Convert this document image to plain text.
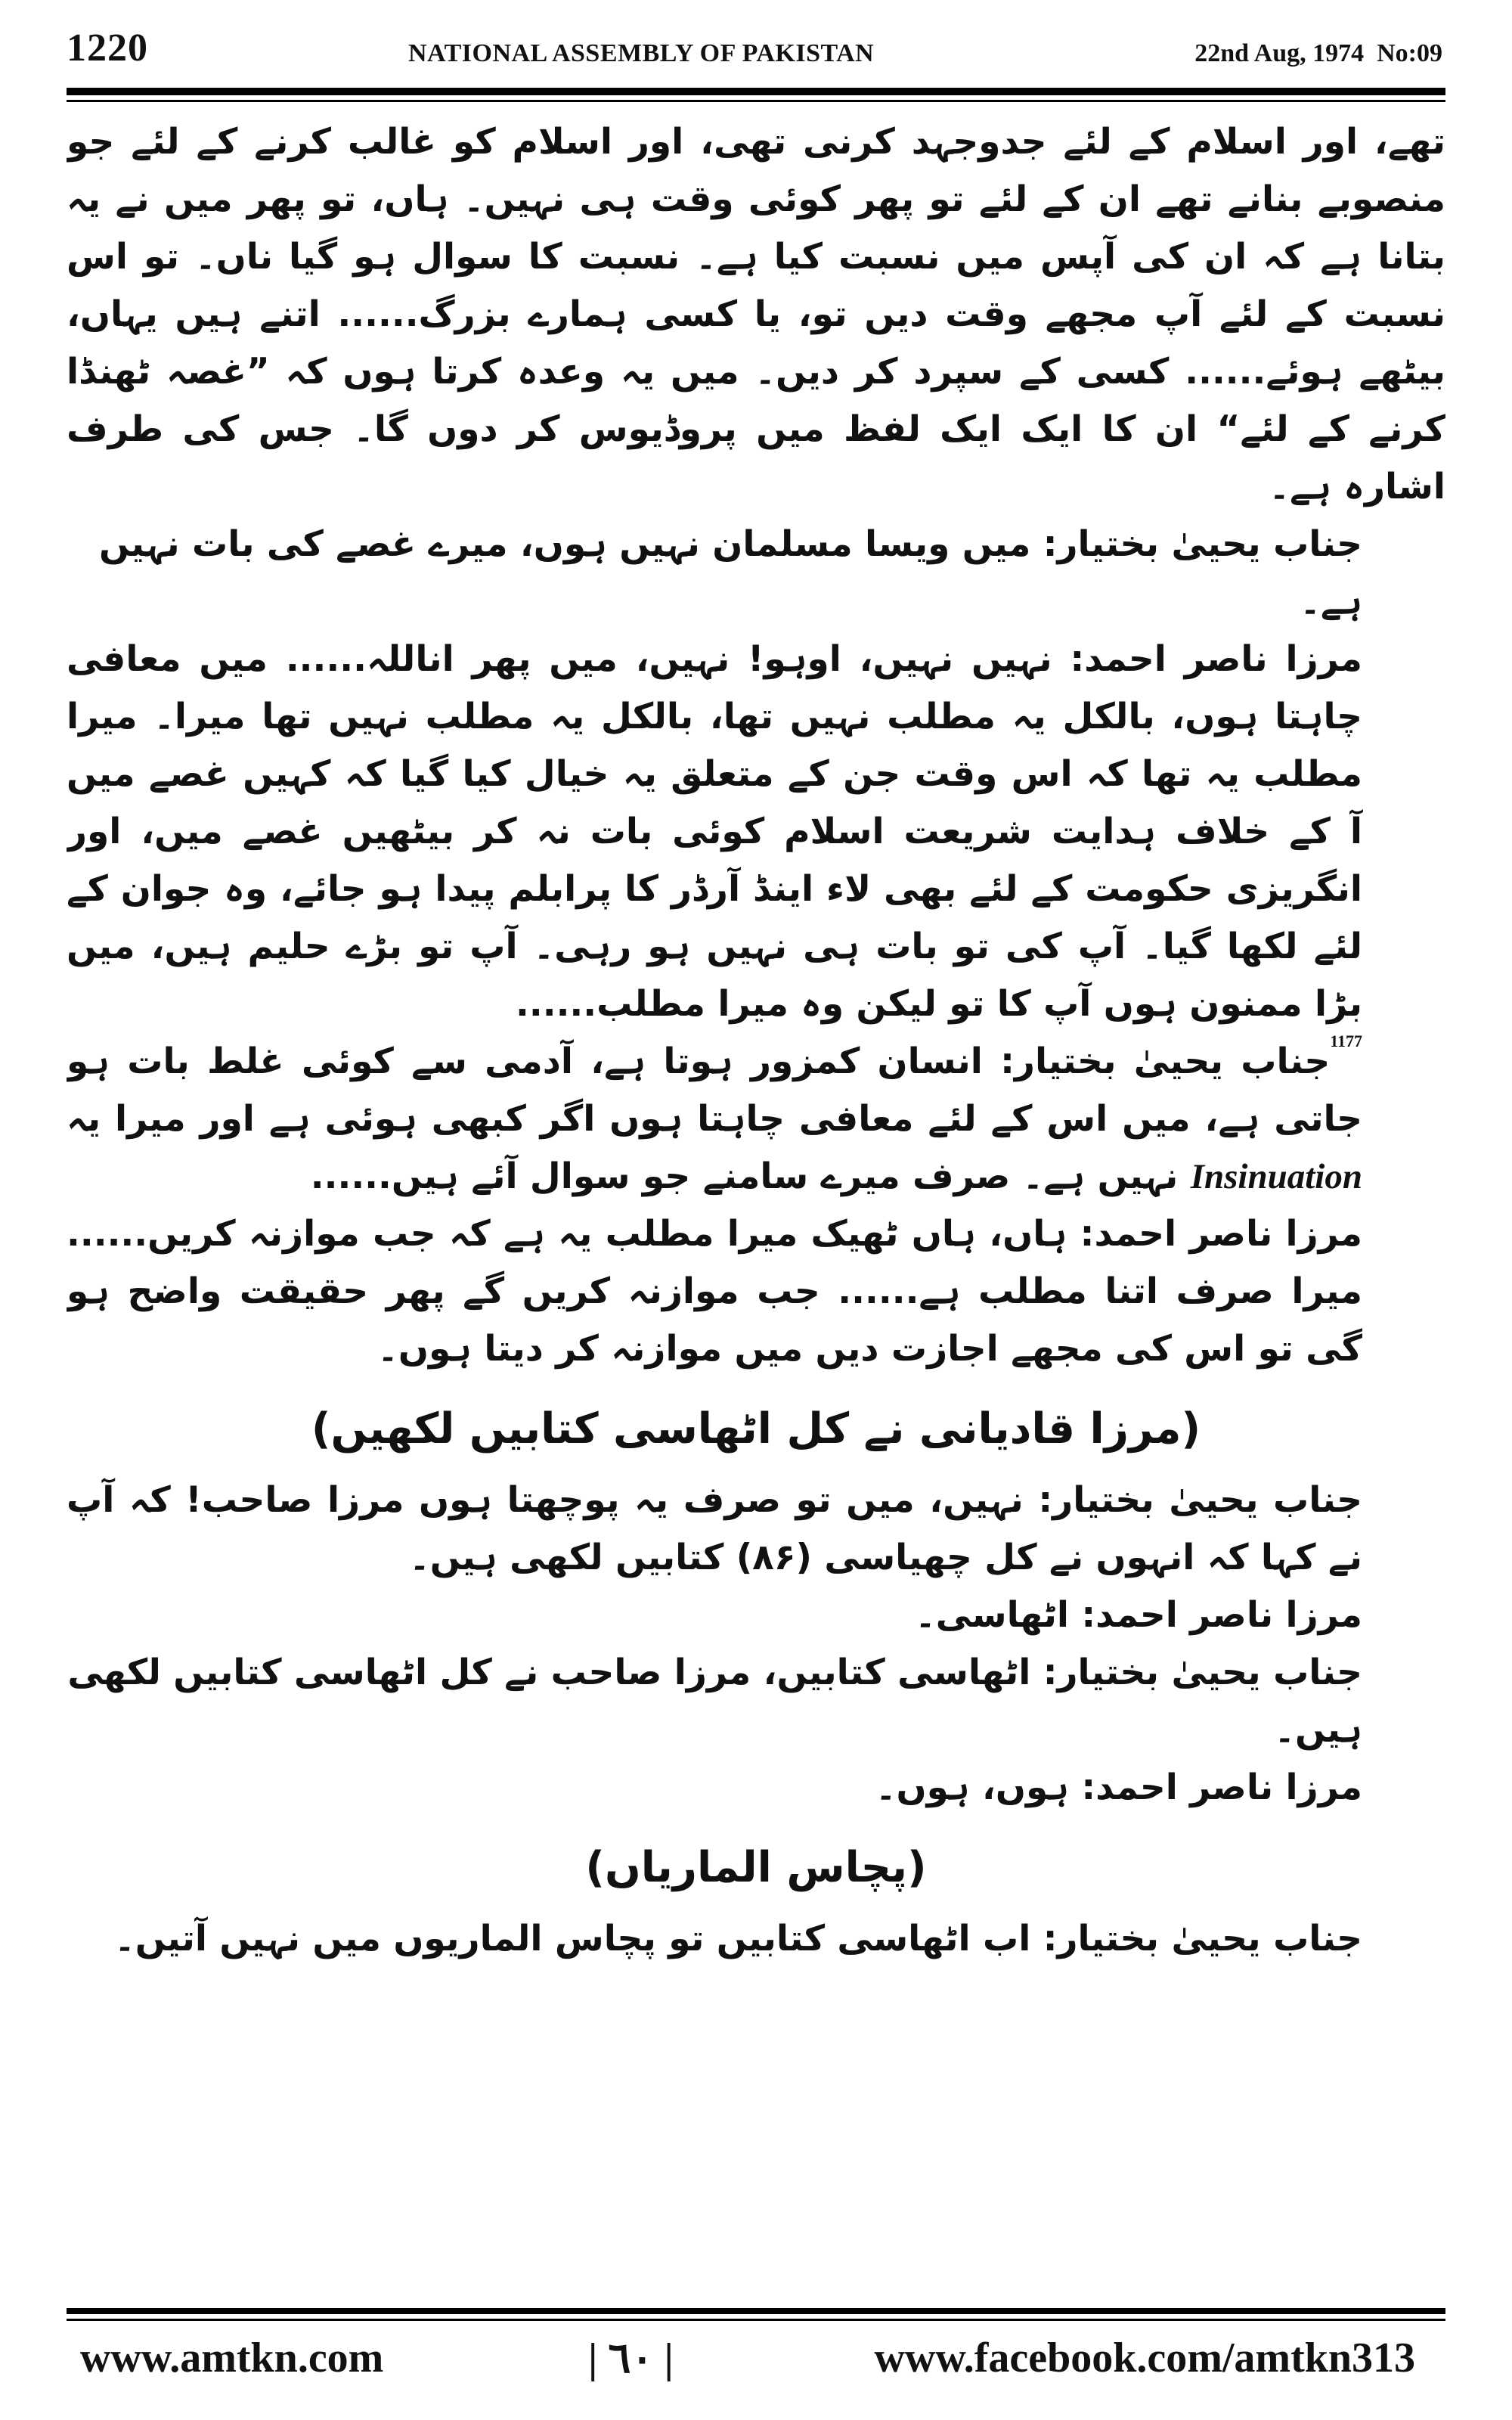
1220	NATIONAL ASSEMBLY OF PAKISTAN	22nd Aug, 1974  No:09

تھے، اور اسلام کے لئے جدوجہد کرنی تھی، اور اسلام کو غالب کرنے کے لئے جو منصوبے بنانے تھے ان کے لئے تو پھر کوئی وقت ہی نہیں۔ ہاں، تو پھر میں نے یہ بتانا ہے کہ ان کی آپس میں نسبت کیا ہے۔ نسبت کا سوال ہو گیا ناں۔ تو اس نسبت کے لئے آپ مجھے وقت دیں تو، یا کسی ہمارے بزرگ...... اتنے ہیں یہاں، بیٹھے ہوئے...... کسی کے سپرد کر دیں۔ میں یہ وعدہ کرتا ہوں کہ ”غصہ ٹھنڈا کرنے کے لئے“ ان کا ایک ایک لفظ میں پروڈیوس کر دوں گا۔ جس کی طرف اشارہ ہے۔

جناب یحییٰ بختیار: میں ویسا مسلمان نہیں ہوں، میرے غصے کی بات نہیں ہے۔

مرزا ناصر احمد: نہیں نہیں، اوہو! نہیں، میں پھر اناللہ...... میں معافی چاہتا ہوں، بالکل یہ مطلب نہیں تھا، بالکل یہ مطلب نہیں تھا میرا۔ میرا مطلب یہ تھا کہ اس وقت جن کے متعلق یہ خیال کیا گیا کہ کہیں غصے میں آ کے خلاف ہدایت شریعت اسلام کوئی بات نہ کر بیٹھیں غصے میں، اور انگریزی حکومت کے لئے بھی لاء اینڈ آرڈر کا پرابلم پیدا ہو جائے، وہ جوان کے لئے لکھا گیا۔ آپ کی تو بات ہی نہیں ہو رہی۔ آپ تو بڑے حلیم ہیں، میں بڑا ممنون ہوں آپ کا تو لیکن وہ میرا مطلب......

$^{1177}$جناب یحییٰ بختیار: انسان کمزور ہوتا ہے، آدمی سے کوئی غلط بات ہو جاتی ہے، میں اس کے لئے معافی چاہتا ہوں اگر کبھی ہوئی ہے اور میرا یہ Insinuation نہیں ہے۔ صرف میرے سامنے جو سوال آئے ہیں......

مرزا ناصر احمد: ہاں، ہاں ٹھیک میرا مطلب یہ ہے کہ جب موازنہ کریں...... میرا صرف اتنا مطلب ہے...... جب موازنہ کریں گے پھر حقیقت واضح ہو گی تو اس کی مجھے اجازت دیں میں موازنہ کر دیتا ہوں۔

(مرزا قادیانی نے کل اٹھاسی کتابیں لکھیں)

جناب یحییٰ بختیار: نہیں، میں تو صرف یہ پوچھتا ہوں مرزا صاحب! کہ آپ نے کہا کہ انہوں نے کل چھیاسی (۸۶) کتابیں لکھی ہیں۔

مرزا ناصر احمد: اٹھاسی۔

جناب یحییٰ بختیار: اٹھاسی کتابیں، مرزا صاحب نے کل اٹھاسی کتابیں لکھی ہیں۔

مرزا ناصر احمد: ہوں، ہوں۔

(پچاس الماریاں)

جناب یحییٰ بختیار: اب اٹھاسی کتابیں تو پچاس الماریوں میں نہیں آتیں۔

www.amtkn.com	| ٦٠ |	www.facebook.com/amtkn313
